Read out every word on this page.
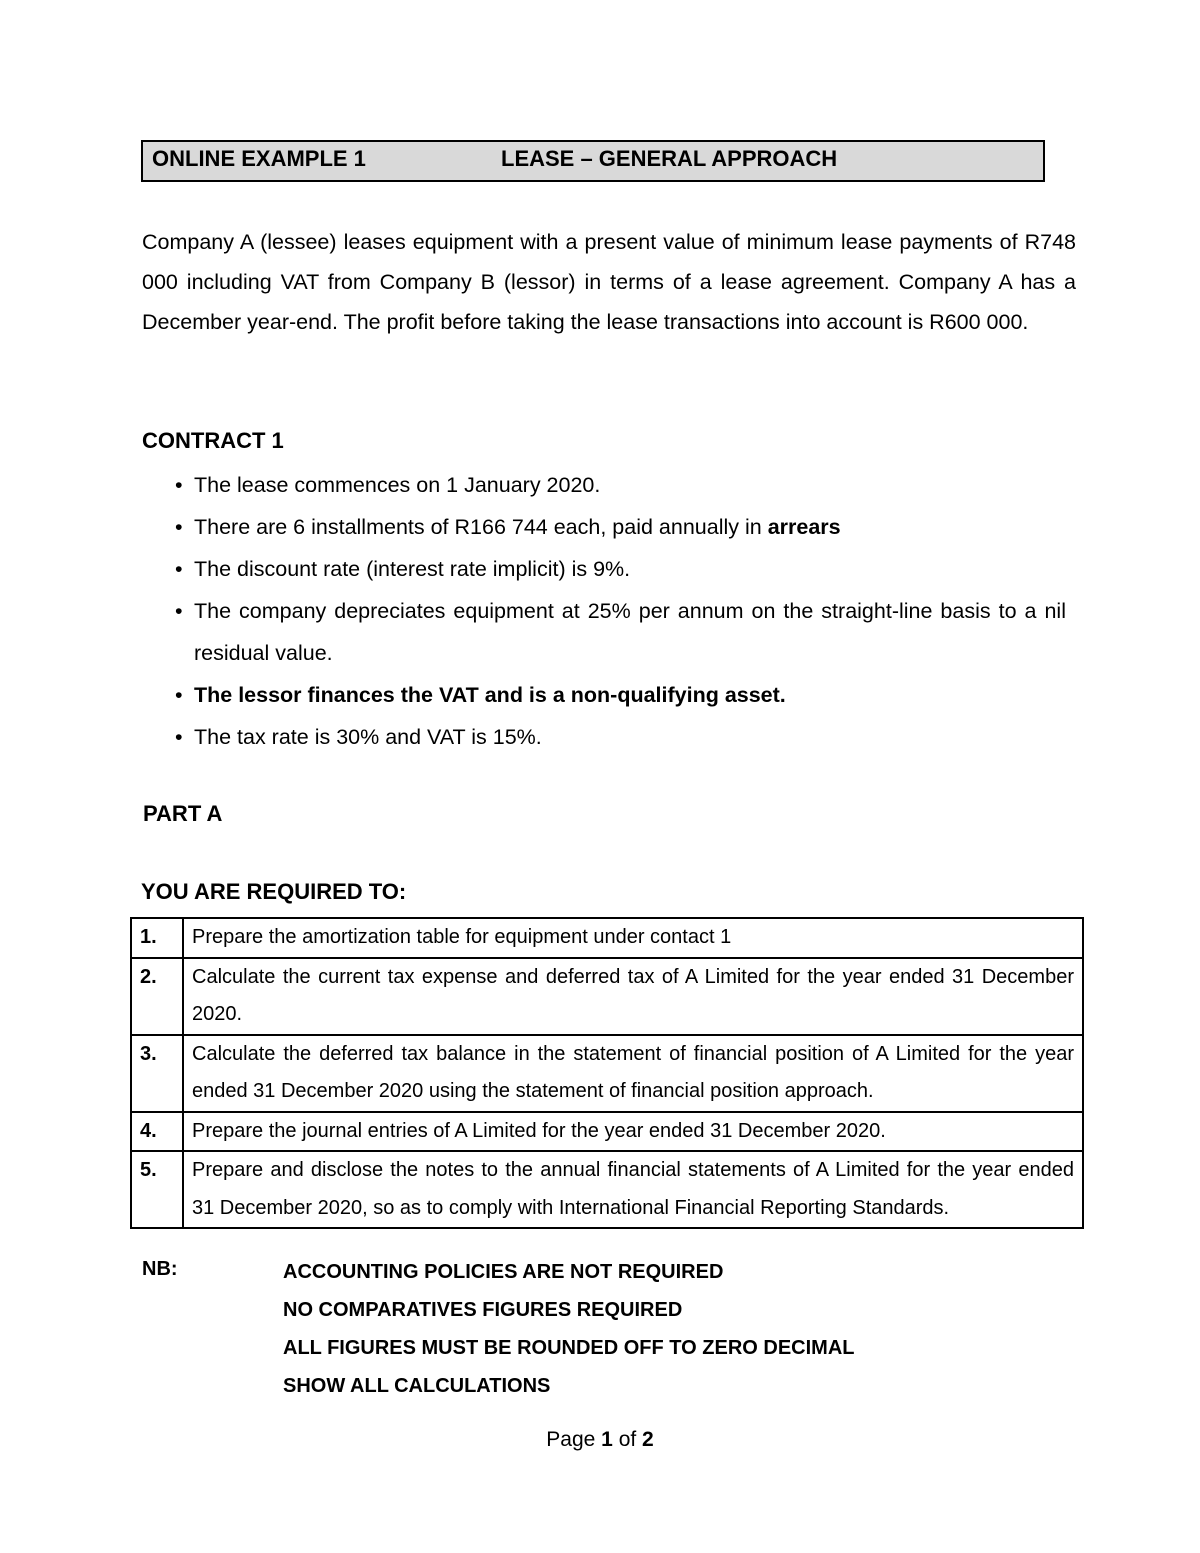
ONLINE EXAMPLE 1	LEASE – GENERAL APPROACH
Company A (lessee) leases equipment with a present value of minimum lease payments of R748 000 including VAT from Company B (lessor) in terms of a lease agreement. Company A has a December year-end. The profit before taking the lease transactions into account is R600 000.
CONTRACT 1
• The lease commences on 1 January 2020.
• There are 6 installments of R166 744 each, paid annually in arrears
• The discount rate (interest rate implicit) is 9%.
• The company depreciates equipment at 25% per annum on the straight-line basis to a nil residual value.
• The lessor finances the VAT and is a non-qualifying asset.
• The tax rate is 30% and VAT is 15%.
PART A
YOU ARE REQUIRED TO:
1.	Prepare the amortization table for equipment under contact 1
2.	Calculate the current tax expense and deferred tax of A Limited for the year ended 31 December 2020.
3.	Calculate the deferred tax balance in the statement of financial position of A Limited for the year ended 31 December 2020 using the statement of financial position approach.
4.	Prepare the journal entries of A Limited for the year ended 31 December 2020.
5.	Prepare and disclose the notes to the annual financial statements of A Limited for the year ended 31 December 2020, so as to comply with International Financial Reporting Standards.
NB:	ACCOUNTING POLICIES ARE NOT REQUIRED
NO COMPARATIVES FIGURES REQUIRED
ALL FIGURES MUST BE ROUNDED OFF TO ZERO DECIMAL
SHOW ALL CALCULATIONS
Page 1 of 2
